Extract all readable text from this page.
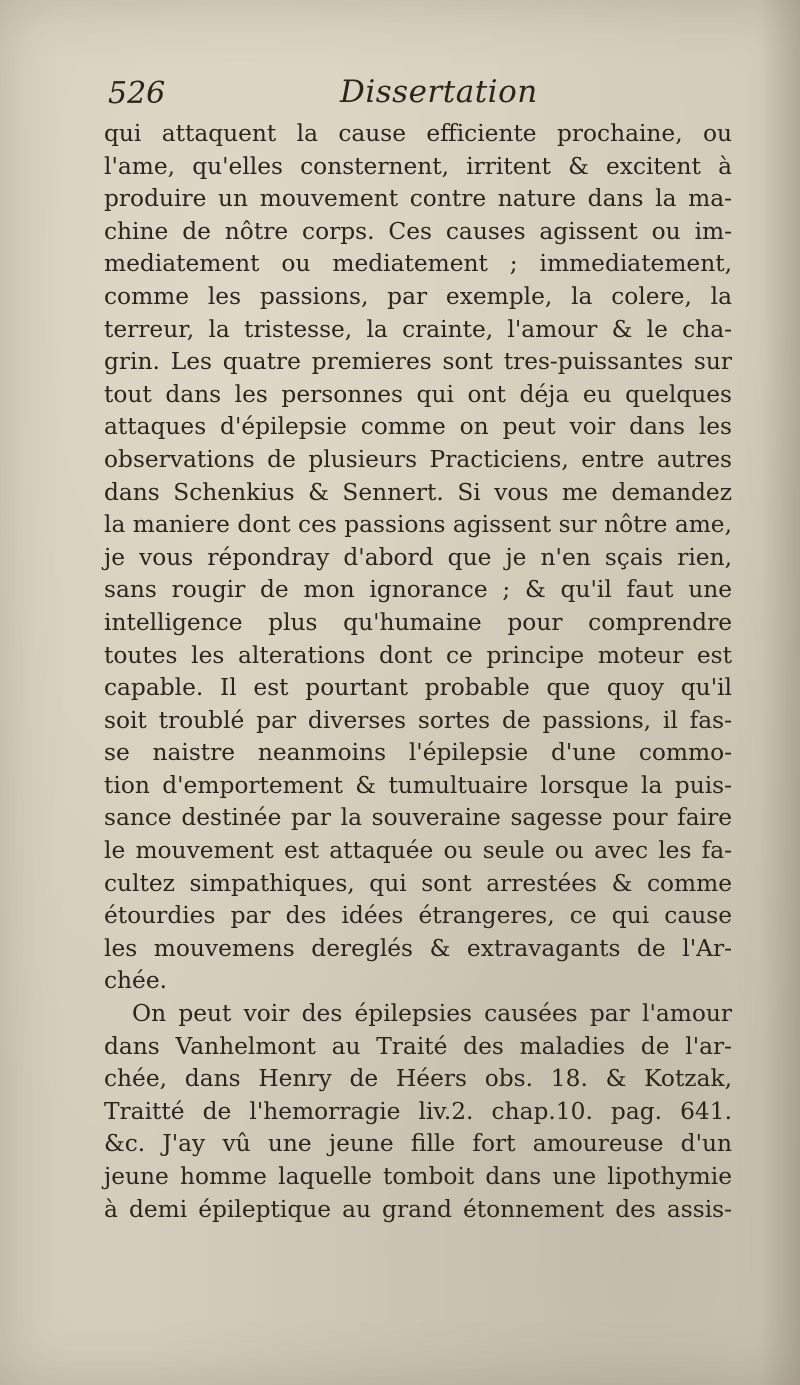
526	Dissertation
qui attaquent la cause efficiente prochaine, ou
l'ame, qu'elles consternent, irritent & excitent à
produire un mouvement contre nature dans la ma-
chine de nôtre corps. Ces causes agissent ou im-
mediatement ou mediatement ; immediatement,
comme les passions, par exemple, la colere, la
terreur, la tristesse, la crainte, l'amour & le cha-
grin. Les quatre premieres sont tres-puissantes sur
tout dans les personnes qui ont déja eu quelques
attaques d'épilepsie comme on peut voir dans les
observations de plusieurs Practiciens, entre autres
dans Schenkius & Sennert. Si vous me demandez
la maniere dont ces passions agissent sur nôtre ame,
je vous répondray d'abord que je n'en sçais rien,
sans rougir de mon ignorance ; & qu'il faut une
intelligence plus qu'humaine pour comprendre
toutes les alterations dont ce principe moteur est
capable. Il est pourtant probable que quoy qu'il
soit troublé par diverses sortes de passions, il fas-
se naistre neanmoins l'épilepsie d'une commo-
tion d'emportement & tumultuaire lorsque la puis-
sance destinée par la souveraine sagesse pour faire
le mouvement est attaquée ou seule ou avec les fa-
cultez simpathiques, qui sont arrestées & comme
étourdies par des idées étrangeres, ce qui cause
les mouvemens dereglés & extravagants de l'Ar-
chée.
On peut voir des épilepsies causées par l'amour
dans Vanhelmont au Traité des maladies de l'ar-
chée, dans Henry de Héers obs. 18. & Kotzak,
Traitté de l'hemorragie liv.2. chap.10. pag. 641.
&c. J'ay vû une jeune fille fort amoureuse d'un
jeune homme laquelle tomboit dans une lipothymie
à demi épileptique au grand étonnement des assis-
